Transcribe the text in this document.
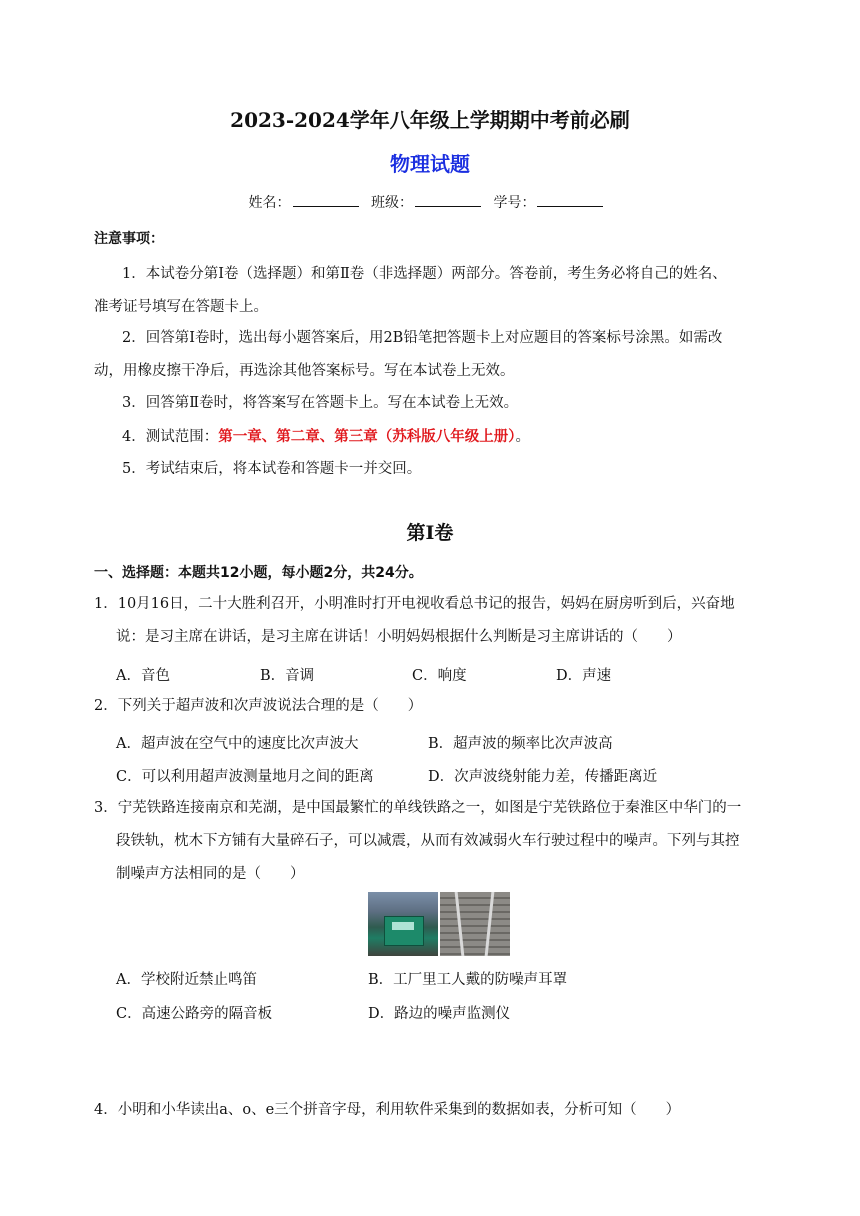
2023-2024学年八年级上学期期中考前必刷
物理试题
姓名：	班级：	学号：
注意事项：
1．本试卷分第Ⅰ卷（选择题）和第Ⅱ卷（非选择题）两部分。答卷前，考生务必将自己的姓名、
准考证号填写在答题卡上。
2．回答第Ⅰ卷时，选出每小题答案后，用2B铅笔把答题卡上对应题目的答案标号涂黑。如需改
动，用橡皮擦干净后，再选涂其他答案标号。写在本试卷上无效。
3．回答第Ⅱ卷时，将答案写在答题卡上。写在本试卷上无效。
4．测试范围：第一章、第二章、第三章（苏科版八年级上册）。
5．考试结束后，将本试卷和答题卡一并交回。
第Ⅰ卷
一、选择题：本题共12小题，每小题2分，共24分。
1．10月16日，二十大胜利召开，小明准时打开电视收看总书记的报告，妈妈在厨房听到后，兴奋地
说：是习主席在讲话，是习主席在讲话！小明妈妈根据什么判断是习主席讲话的（　　）
A．音色	B．音调	C．响度	D．声速
2．下列关于超声波和次声波说法合理的是（　　）
A．超声波在空气中的速度比次声波大	B．超声波的频率比次声波高
C．可以利用超声波测量地月之间的距离	D．次声波绕射能力差，传播距离近
3．宁芜铁路连接南京和芜湖，是中国最繁忙的单线铁路之一，如图是宁芜铁路位于秦淮区中华门的一
段铁轨，枕木下方铺有大量碎石子，可以减震，从而有效减弱火车行驶过程中的噪声。下列与其控
制噪声方法相同的是（　　）
A．学校附近禁止鸣笛	B．工厂里工人戴的防噪声耳罩
C．高速公路旁的隔音板	D．路边的噪声监测仪
4．小明和小华读出a、o、e三个拼音字母，利用软件采集到的数据如表，分析可知（　　）
